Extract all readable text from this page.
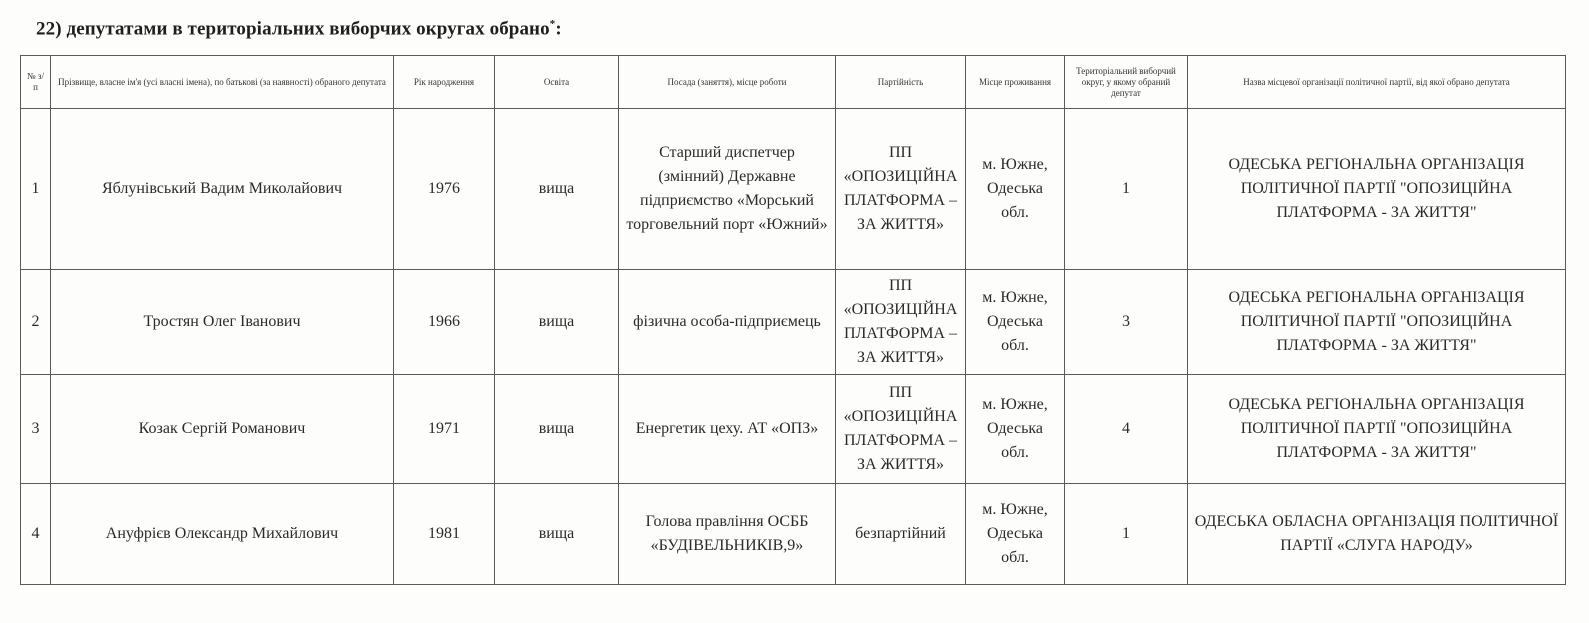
22) депутатами в територіальних виборчих округах обрано*:
№ з/п	Прізвище, власне ім'я (усі власні імена), по батькові (за наявності) обраного депутата	Рік народження	Освіта	Посада (заняття), місце роботи	Партійність	Місце проживання	Територіальний виборчий округ, у якому обраний депутат	Назва місцевої організації політичної партії, від якої обрано депутата
1	Яблунівський Вадим Миколайович	1976	вища	Старший диспетчер (змінний) Державне підприємство «Морський торговельний порт «Южний»	ПП «ОПОЗИЦІЙНА ПЛАТФОРМА – ЗА ЖИТТЯ»	м. Южне, Одеська обл.	1	ОДЕСЬКА РЕГІОНАЛЬНА ОРГАНІЗАЦІЯ ПОЛІТИЧНОЇ ПАРТІЇ "ОПОЗИЦІЙНА ПЛАТФОРМА - ЗА ЖИТТЯ"
2	Тростян Олег Іванович	1966	вища	фізична особа-підприємець	ПП «ОПОЗИЦІЙНА ПЛАТФОРМА – ЗА ЖИТТЯ»	м. Южне, Одеська обл.	3	ОДЕСЬКА РЕГІОНАЛЬНА ОРГАНІЗАЦІЯ ПОЛІТИЧНОЇ ПАРТІЇ "ОПОЗИЦІЙНА ПЛАТФОРМА - ЗА ЖИТТЯ"
3	Козак Сергій Романович	1971	вища	Енергетик цеху. АТ «ОПЗ»	ПП «ОПОЗИЦІЙНА ПЛАТФОРМА – ЗА ЖИТТЯ»	м. Южне, Одеська обл.	4	ОДЕСЬКА РЕГІОНАЛЬНА ОРГАНІЗАЦІЯ ПОЛІТИЧНОЇ ПАРТІЇ "ОПОЗИЦІЙНА ПЛАТФОРМА - ЗА ЖИТТЯ"
4	Ануфрієв Олександр Михайлович	1981	вища	Голова правління ОСББ «БУДІВЕЛЬНИКІВ,9»	безпартійний	м. Южне, Одеська обл.	1	ОДЕСЬКА ОБЛАСНА ОРГАНІЗАЦІЯ ПОЛІТИЧНОЇ ПАРТІЇ «СЛУГА НАРОДУ»
